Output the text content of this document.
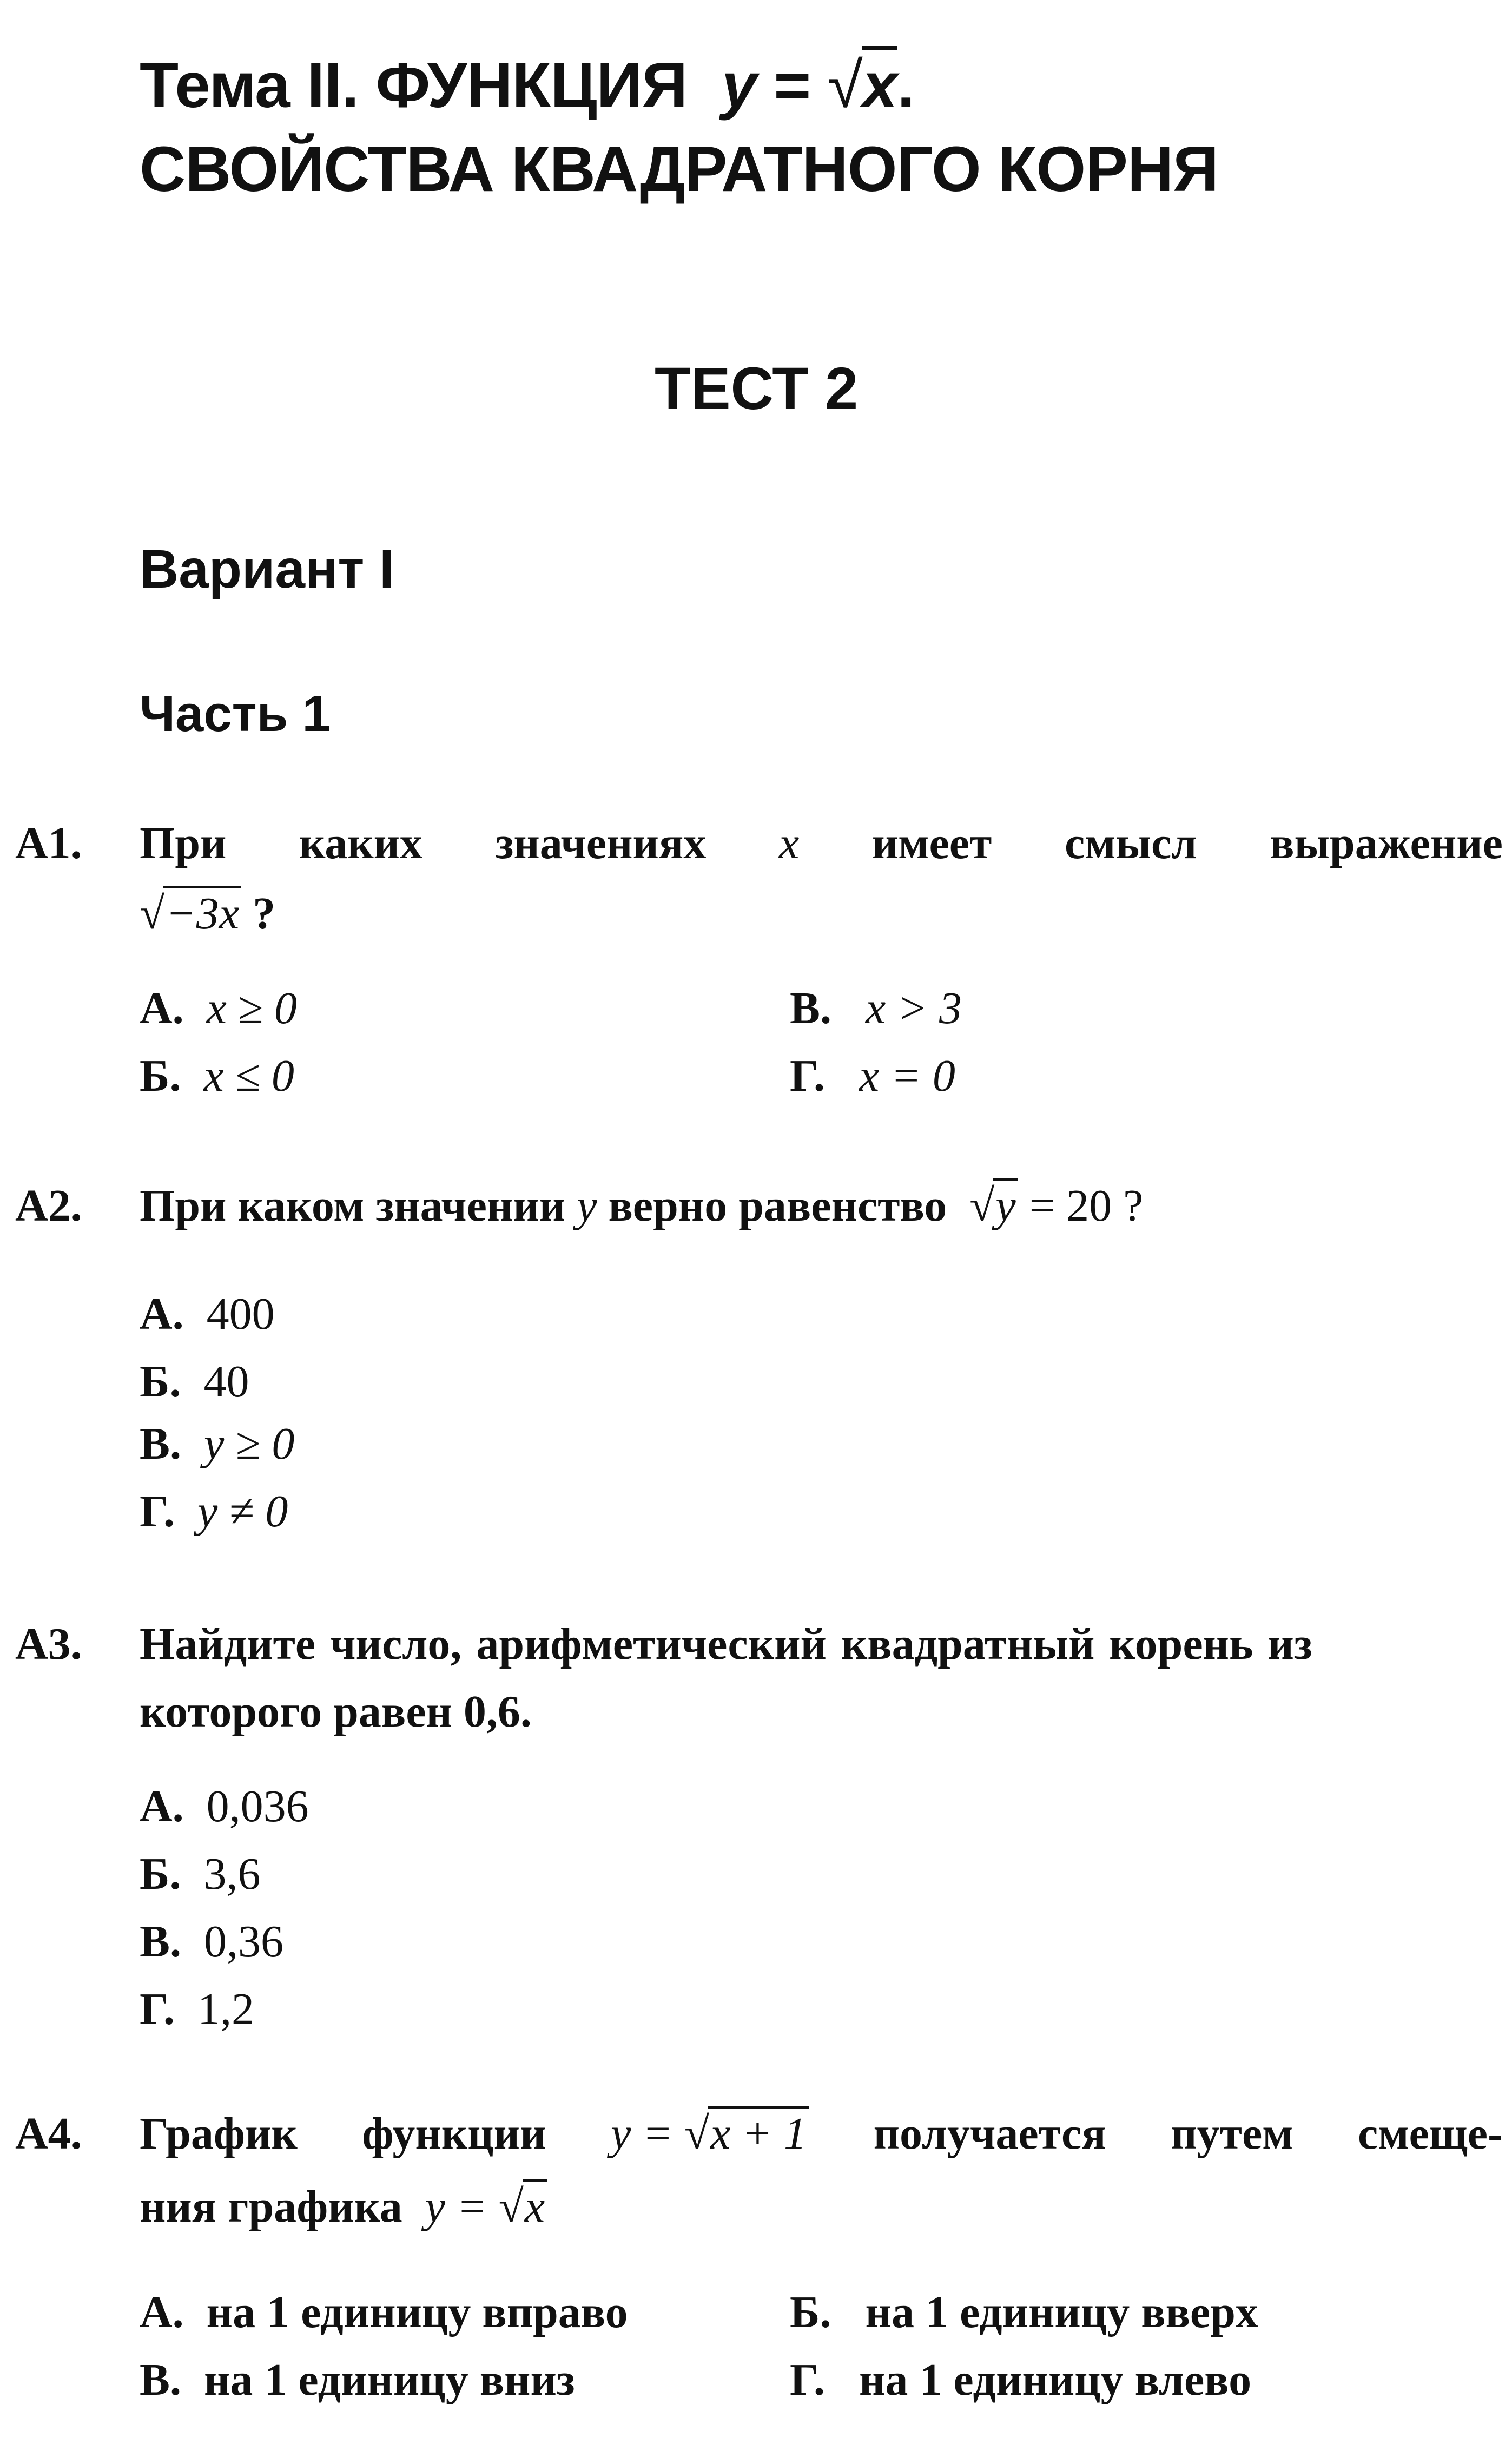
Тема II. ФУНКЦИЯ y = √x.
СВОЙСТВА КВАДРАТНОГО КОРНЯ
ТЕСТ 2
Вариант I
Часть 1
A1. При каких значениях x имеет смысл выражение
√−3x ?
А. x ≥ 0	В. x > 3
Б. x ≤ 0	Г. x = 0
A2. При каком значении y верно равенство √y = 20 ?
А. 400
Б. 40
В. y ≥ 0
Г. y ≠ 0
A3. Найдите число, арифметический квадратный корень из
которого равен 0,6.
А. 0,036
Б. 3,6
В. 0,36
Г. 1,2
A4. График функции y = √x + 1 получается путем смеще-
ния графика y = √x
А. на 1 единицу вправо	Б. на 1 единицу вверх
В. на 1 единицу вниз	Г. на 1 единицу влево
